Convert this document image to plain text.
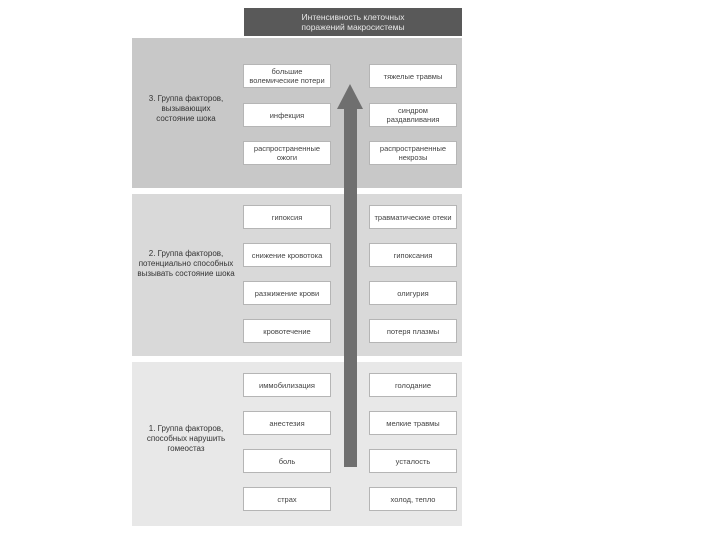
Интенсивность клеточных
поражений макросистемы
3. Группа факторов,
вызывающих
состояние шока
большие
волемические потери
инфекция
распространенные
ожоги
тяжелые травмы
синдром
раздавливания
распространенные
некрозы
2. Группа факторов,
потенциально способных
вызывать состояние шока
гипоксия
снижение кровотока
разжижение крови
кровотечение
травматические отеки
гипоксания
олигурия
потеря плазмы
1. Группа факторов,
способных нарушить
гомеостаз
иммобилизация
анестезия
боль
страх
голодание
мелкие травмы
усталость
холод, тепло
